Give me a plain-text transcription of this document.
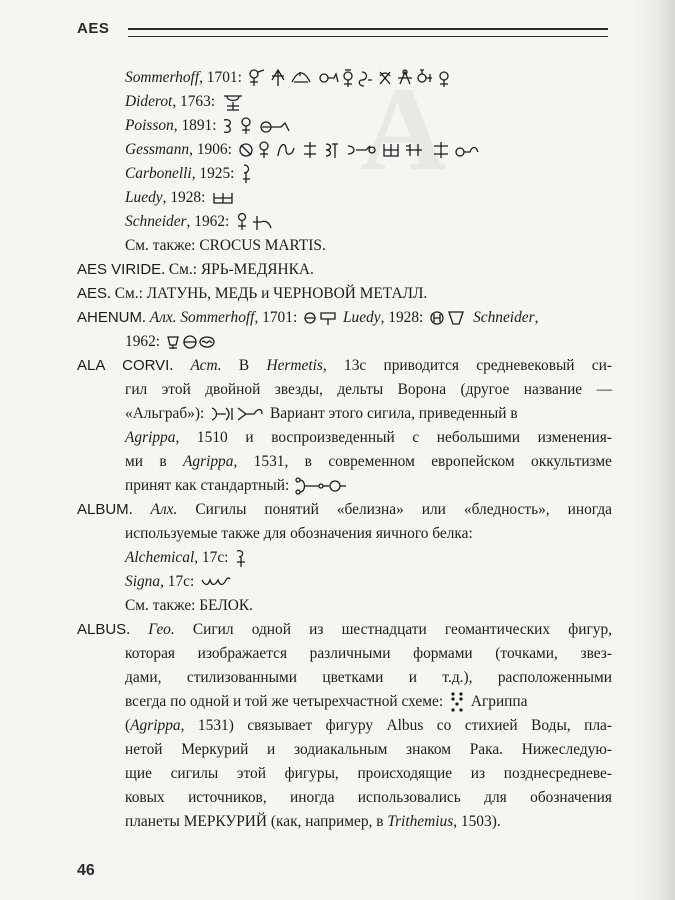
A
AES
Sommerhoff, 1701:
Diderot, 1763:
Poisson, 1891:
Gessmann, 1906:
Carbonelli, 1925:
Luedy, 1928:
Schneider, 1962:
См. также: CROCUS MARTIS.
AES VIRIDE. См.: ЯРЬ-МЕДЯНКА.
AES. См.: ЛАТУНЬ, МЕДЬ и ЧЕРНОВОЙ МЕТАЛЛ.
AHENUM. Алх. Sommerhoff, 1701:	Luedy, 1928:	Schneider,
1962:
ALA CORVI. Аст. В Hermetis, 13с приводится средневековый си-
гил этой двойной звезды, дельты Ворона (другое название —
«Альграб»):	Вариант этого сигила, приведенный в
Agrippa, 1510 и воспроизведенный с небольшими изменения-
ми в Agrippa, 1531, в современном европейском оккультизме
принят как стандартный:
ALBUM. Алх. Сигилы понятий «белизна» или «бледность», иногда
используемые также для обозначения яичного белка:
Alchemical, 17с:
Signa, 17с:
См. также: БЕЛОК.
ALBUS. Гео. Сигил одной из шестнадцати геомантических фигур,
которая изображается различными формами (точками, звез-
дами, стилизованными цветками и т.д.), расположенными
всегда по одной и той же четырехчастной схеме:
Агриппа
(Agrippa, 1531) связывает фигуру Albus со стихией Воды, пла-
нетой Меркурий и зодиакальным знаком Рака. Нижеследую-
щие сигилы этой фигуры, происходящие из позднесредневе-
ковых источников, иногда использовались для обозначения
планеты МЕРКУРИЙ (как, например, в Trithemius, 1503).
46
